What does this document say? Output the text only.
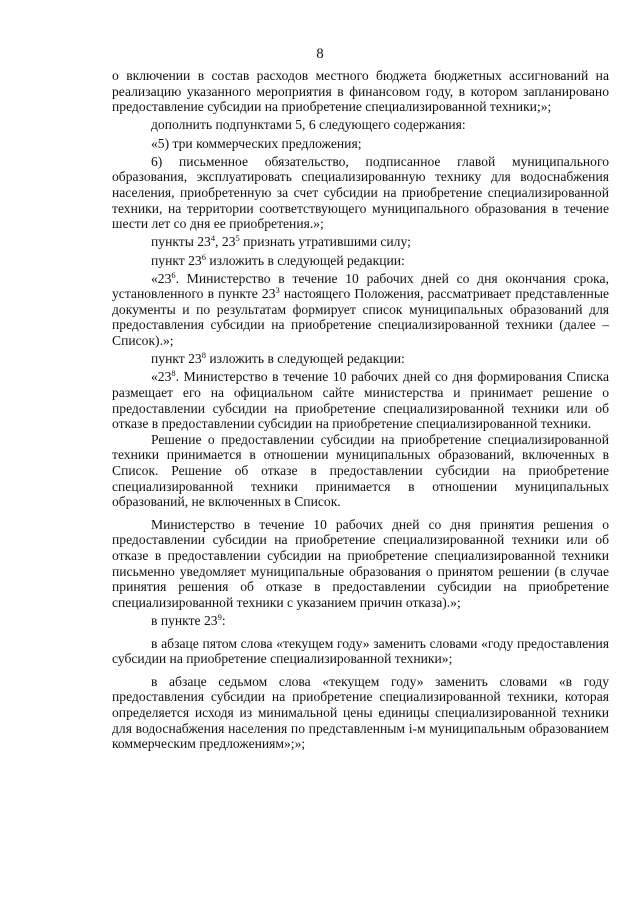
8

о включении в состав расходов местного бюджета бюджетных ассигнований на реализацию указанного мероприятия в финансовом году, в котором запланировано предоставление субсидии на приобретение специализированной техники;»;

дополнить подпунктами 5, 6 следующего содержания:

«5) три коммерческих предложения;

6) письменное обязательство, подписанное главой муниципального образования, эксплуатировать специализированную технику для водоснабжения населения, приобретенную за счет субсидии на приобретение специализированной техники, на территории соответствующего муниципального образования в течение шести лет со дня ее приобретения.»;

пункты $23^4$, $23^5$ признать утратившими силу;

пункт $23^6$ изложить в следующей редакции:

«$23^6$. Министерство в течение 10 рабочих дней со дня окончания срока, установленного в пункте $23^3$ настоящего Положения, рассматривает представленные документы и по результатам формирует список муниципальных образований для предоставления субсидии на приобретение специализированной техники (далее – Список).»;

пункт $23^8$ изложить в следующей редакции:

«$23^8$. Министерство в течение 10 рабочих дней со дня формирования Списка размещает его на официальном сайте министерства и принимает решение о предоставлении субсидии на приобретение специализированной техники или об отказе в предоставлении субсидии на приобретение специализированной техники.

Решение о предоставлении субсидии на приобретение специализированной техники принимается в отношении муниципальных образований, включенных в Список. Решение об отказе в предоставлении субсидии на приобретение специализированной техники принимается в отношении муниципальных образований, не включенных в Список.

Министерство в течение 10 рабочих дней со дня принятия решения о предоставлении субсидии на приобретение специализированной техники или об отказе в предоставлении субсидии на приобретение специализированной техники письменно уведомляет муниципальные образования о принятом решении (в случае принятия решения об отказе в предоставлении субсидии на приобретение специализированной техники с указанием причин отказа).»;

в пункте $23^9$:

в абзаце пятом слова «текущем году» заменить словами «году предоставления субсидии на приобретение специализированной техники»;

в абзаце седьмом слова «текущем году» заменить словами «в году предоставления субсидии на приобретение специализированной техники, которая определяется исходя из минимальной цены единицы специализированной техники для водоснабжения населения по представленным i-м муниципальным образованием коммерческим предложениям»;»;
